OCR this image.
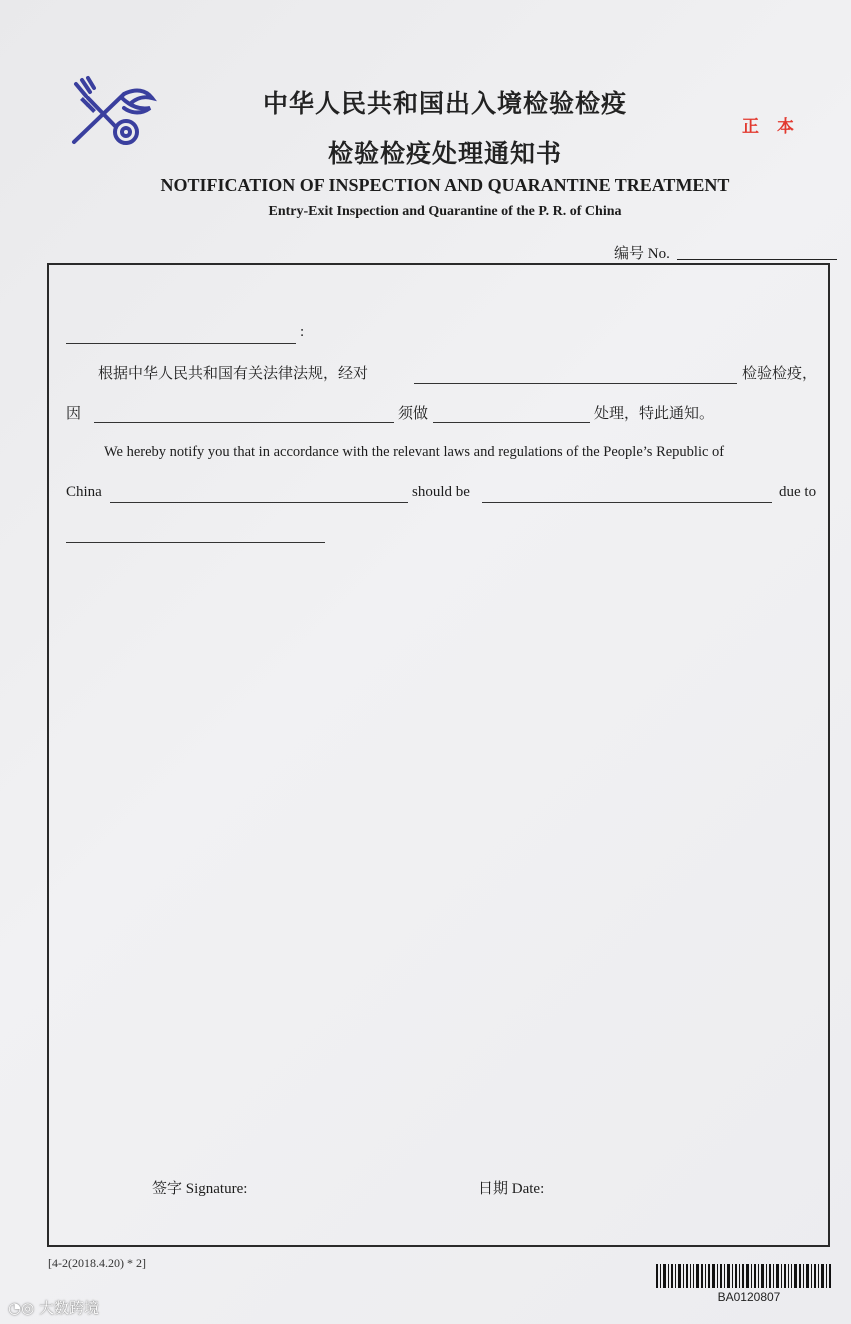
中华人民共和国出入境检验检疫
检验检疫处理通知书
正本
NOTIFICATION OF INSPECTION AND QUARANTINE TREATMENT
Entry-Exit Inspection and Quarantine of the P. R. of China
编号 No.
:
根据中华人民共和国有关法律法规，经对	检验检疫，
因	须做	处理，特此通知。
We hereby notify you that in accordance with the relevant laws and regulations of the People’s Republic of
China	should be	due to
签字 Signature:	日期 Date:
[4-2(2018.4.20) * 2]
BA0120807
◔◎ 大数跨境
